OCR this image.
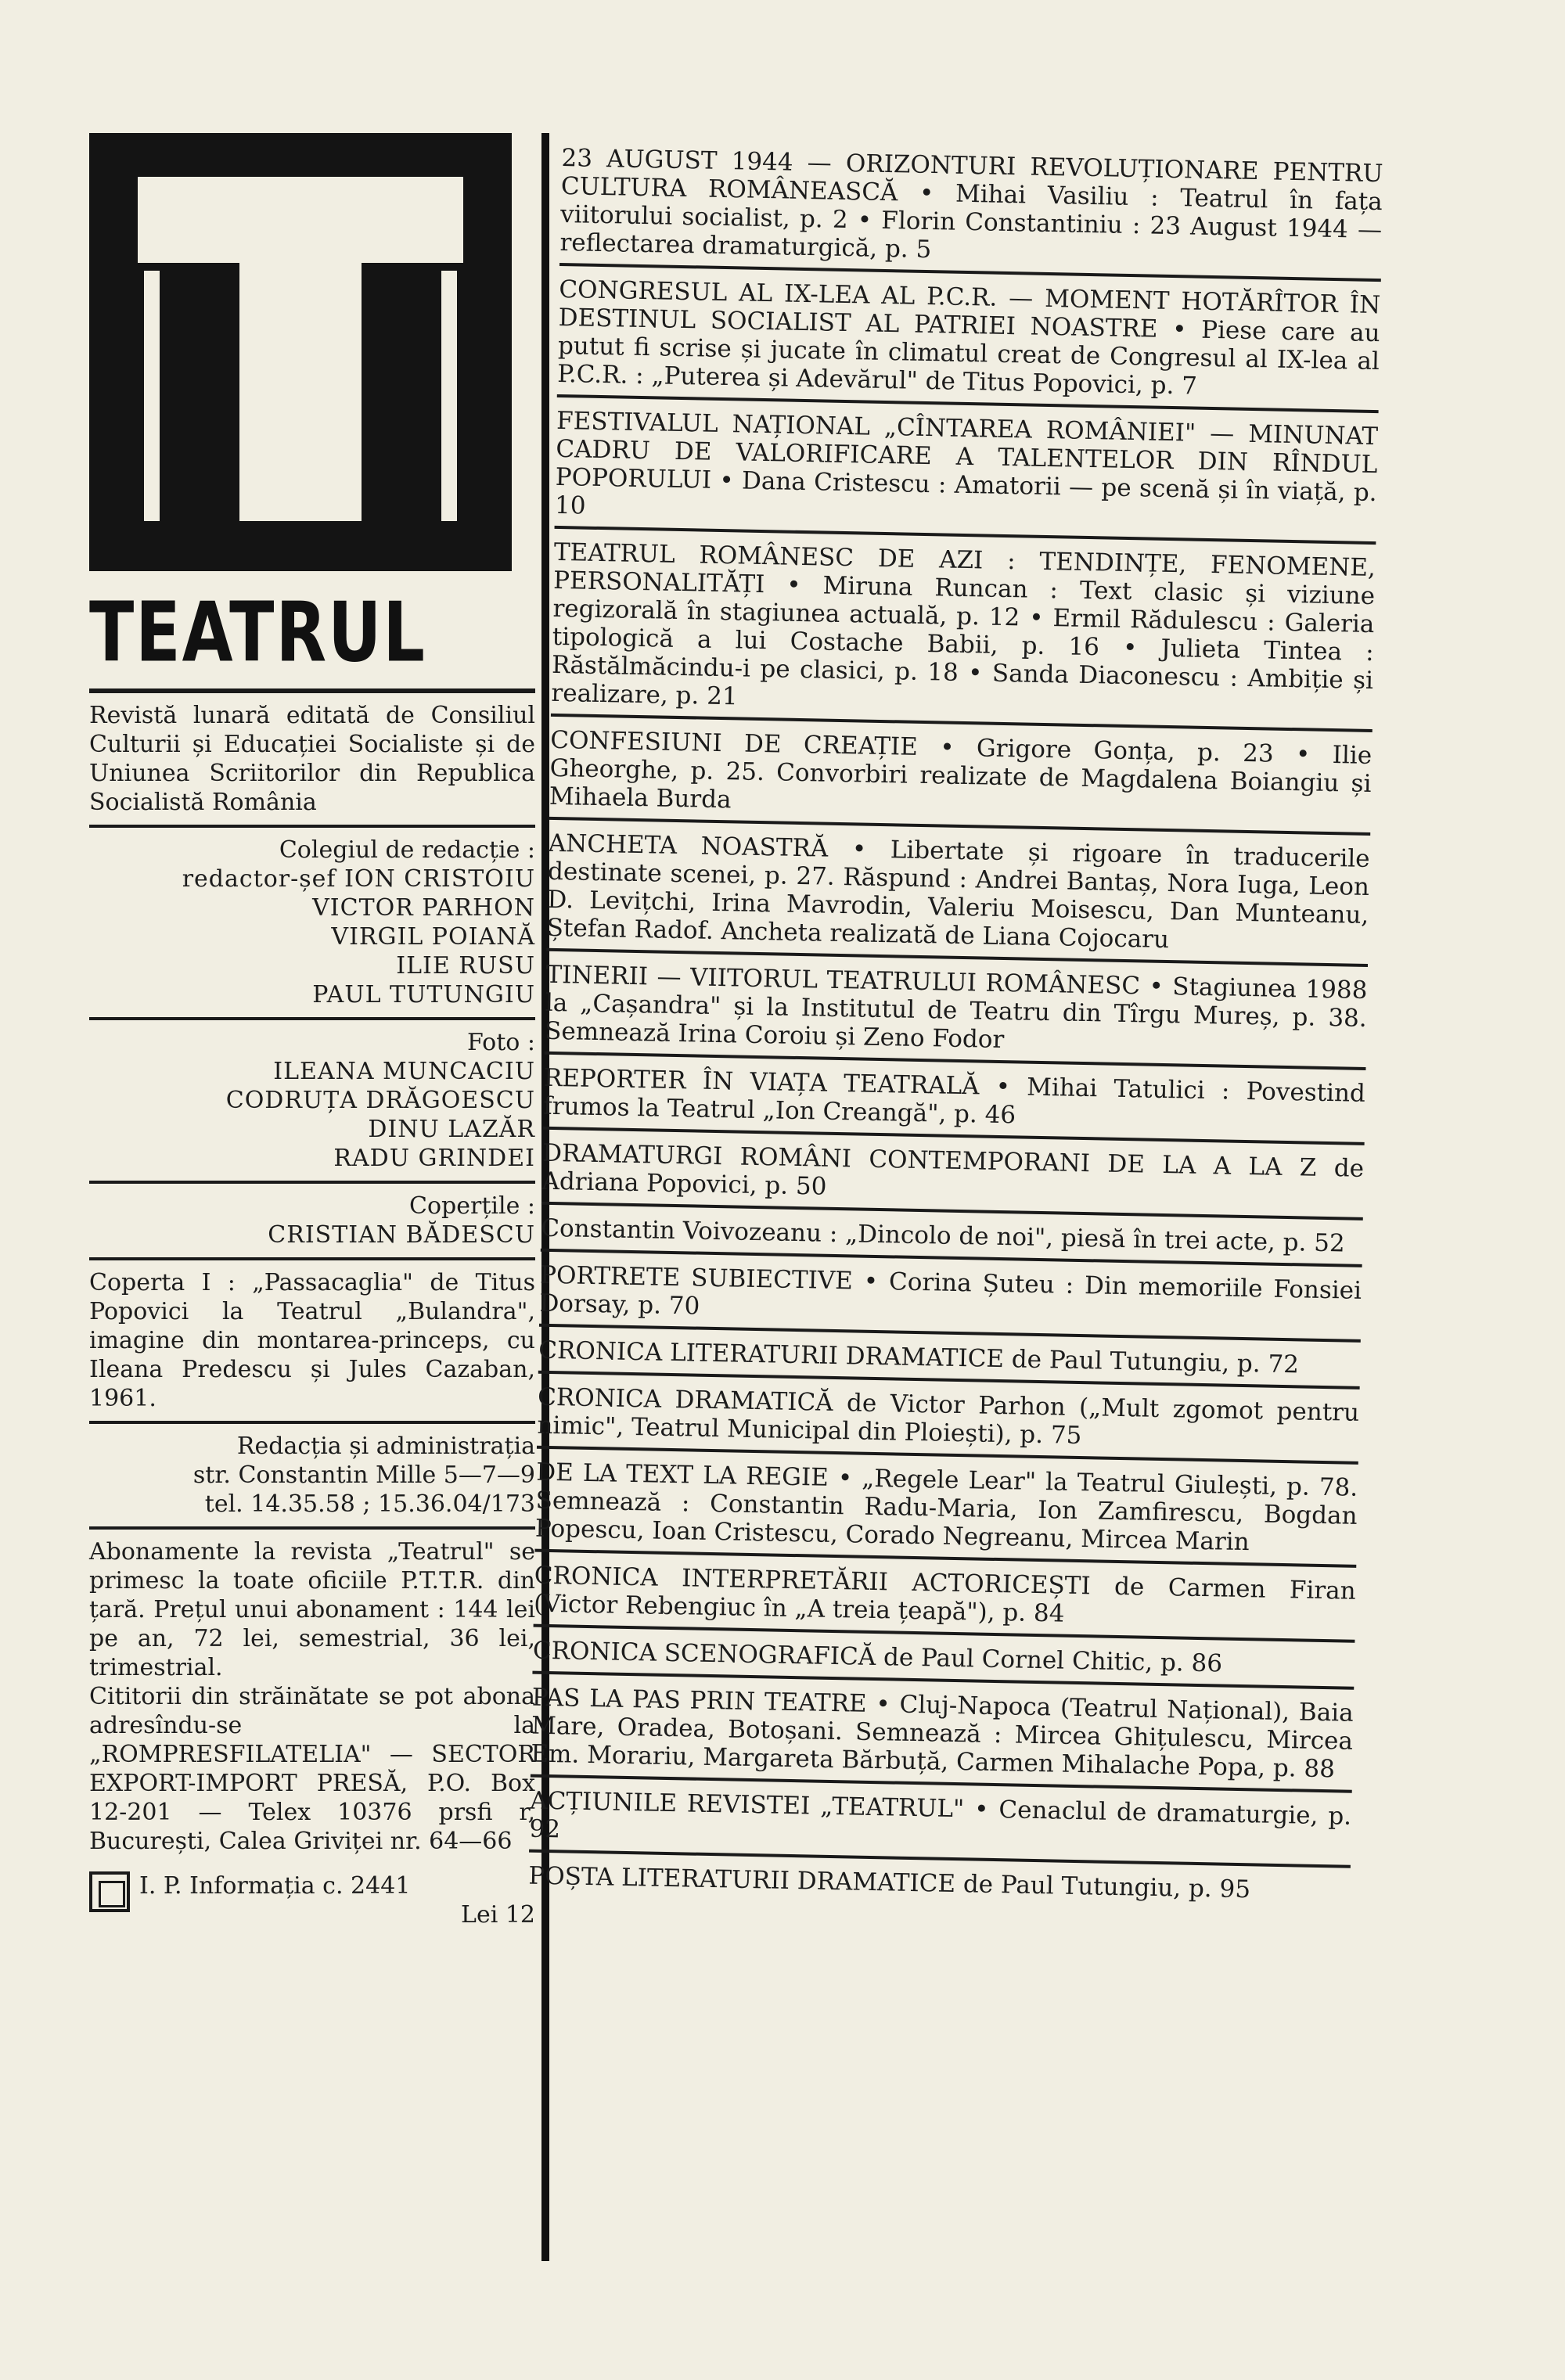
TEATRUL
Revistă lunară editată de Consiliul Culturii și Educației Socialiste și de Uniunea Scriitorilor din Republica Socialistă România
Colegiul de redacție :
redactor-șef ION CRISTOIU
VICTOR PARHON
VIRGIL POIANĂ
ILIE RUSU
PAUL TUTUNGIU
Foto :
ILEANA MUNCACIU
CODRUȚA DRĂGOESCU
DINU LAZĂR
RADU GRINDEI
Coperțile :
CRISTIAN BĂDESCU
Coperta I : „Passacaglia" de Titus Popovici la Teatrul „Bulandra", imagine din montarea-princeps, cu Ileana Predescu și Jules Cazaban, 1961.
Redacția și administrația
str. Constantin Mille 5—7—9
tel. 14.35.58 ; 15.36.04/173
Abonamente la revista „Teatrul" se primesc la toate oficiile P.T.T.R. din țară. Prețul unui abonament : 144 lei pe an, 72 lei, semestrial, 36 lei, trimestrial.
Cititorii din străinătate se pot abona adresîndu-se la „ROMPRESFILATELIA" — SECTOR EXPORT-IMPORT PRESĂ, P.O. Box 12-201 — Telex 10376 prsfi r, București, Calea Griviței nr. 64—66
I. P. Informația c. 2441
Lei 12
23 AUGUST 1944 — ORIZONTURI REVOLUȚIONARE PENTRU CULTURA ROMÂNEASCĂ • Mihai Vasiliu : Teatrul în fața viitorului socialist, p. 2 • Florin Constantiniu : 23 August 1944 — reflectarea dramaturgică, p. 5
CONGRESUL AL IX-LEA AL P.C.R. — MOMENT HOTĂRÎTOR ÎN DESTINUL SOCIALIST AL PATRIEI NOASTRE • Piese care au putut fi scrise și jucate în climatul creat de Congresul al IX-lea al P.C.R. : „Puterea și Adevărul" de Titus Popovici, p. 7
FESTIVALUL NAȚIONAL „CÎNTAREA ROMÂNIEI" — MINUNAT CADRU DE VALORIFICARE A TALENTELOR DIN RÎNDUL POPORULUI • Dana Cristescu : Amatorii — pe scenă și în viață, p. 10
TEATRUL ROMÂNESC DE AZI : TENDINȚE, FENOMENE, PERSONALITĂȚI • Miruna Runcan : Text clasic și viziune regizorală în stagiunea actuală, p. 12 • Ermil Rădulescu : Galeria tipologică a lui Costache Babii, p. 16 • Julieta Tintea : Răstălmăcindu-i pe clasici, p. 18 • Sanda Diaconescu : Ambiție și realizare, p. 21
CONFESIUNI DE CREAȚIE • Grigore Gonța, p. 23 • Ilie Gheorghe, p. 25. Convorbiri realizate de Magdalena Boiangiu și Mihaela Burda
ANCHETA NOASTRĂ • Libertate și rigoare în traducerile destinate scenei, p. 27. Răspund : Andrei Bantaș, Nora Iuga, Leon D. Levițchi, Irina Mavrodin, Valeriu Moisescu, Dan Munteanu, Ștefan Radof. Ancheta realizată de Liana Cojocaru
TINERII — VIITORUL TEATRULUI ROMÂNESC • Stagiunea 1988 la „Cașandra" și la Institutul de Teatru din Tîrgu Mureș, p. 38. Semnează Irina Coroiu și Zeno Fodor
REPORTER ÎN VIAȚA TEATRALĂ • Mihai Tatulici : Povestind frumos la Teatrul „Ion Creangă", p. 46
DRAMATURGI ROMÂNI CONTEMPORANI DE LA A LA Z de Adriana Popovici, p. 50
Constantin Voivozeanu : „Dincolo de noi", piesă în trei acte, p. 52
PORTRETE SUBIECTIVE • Corina Șuteu : Din memoriile Fonsiei Dorsay, p. 70
CRONICA LITERATURII DRAMATICE de Paul Tutungiu, p. 72
CRONICA DRAMATICĂ de Victor Parhon („Mult zgomot pentru nimic", Teatrul Municipal din Ploiești), p. 75
DE LA TEXT LA REGIE • „Regele Lear" la Teatrul Giulești, p. 78. Semnează : Constantin Radu-Maria, Ion Zamfirescu, Bogdan Popescu, Ioan Cristescu, Corado Negreanu, Mircea Marin
CRONICA INTERPRETĂRII ACTORICEȘTI de Carmen Firan (Victor Rebengiuc în „A treia țeapă"), p. 84
CRONICA SCENOGRAFICĂ de Paul Cornel Chitic, p. 86
PAS LA PAS PRIN TEATRE • Cluj-Napoca (Teatrul Național), Baia Mare, Oradea, Botoșani. Semnează : Mircea Ghițulescu, Mircea Em. Morariu, Margareta Bărbuță, Carmen Mihalache Popa, p. 88
ACȚIUNILE REVISTEI „TEATRUL" • Cenaclul de dramaturgie, p. 92
POȘTA LITERATURII DRAMATICE de Paul Tutungiu, p. 95
